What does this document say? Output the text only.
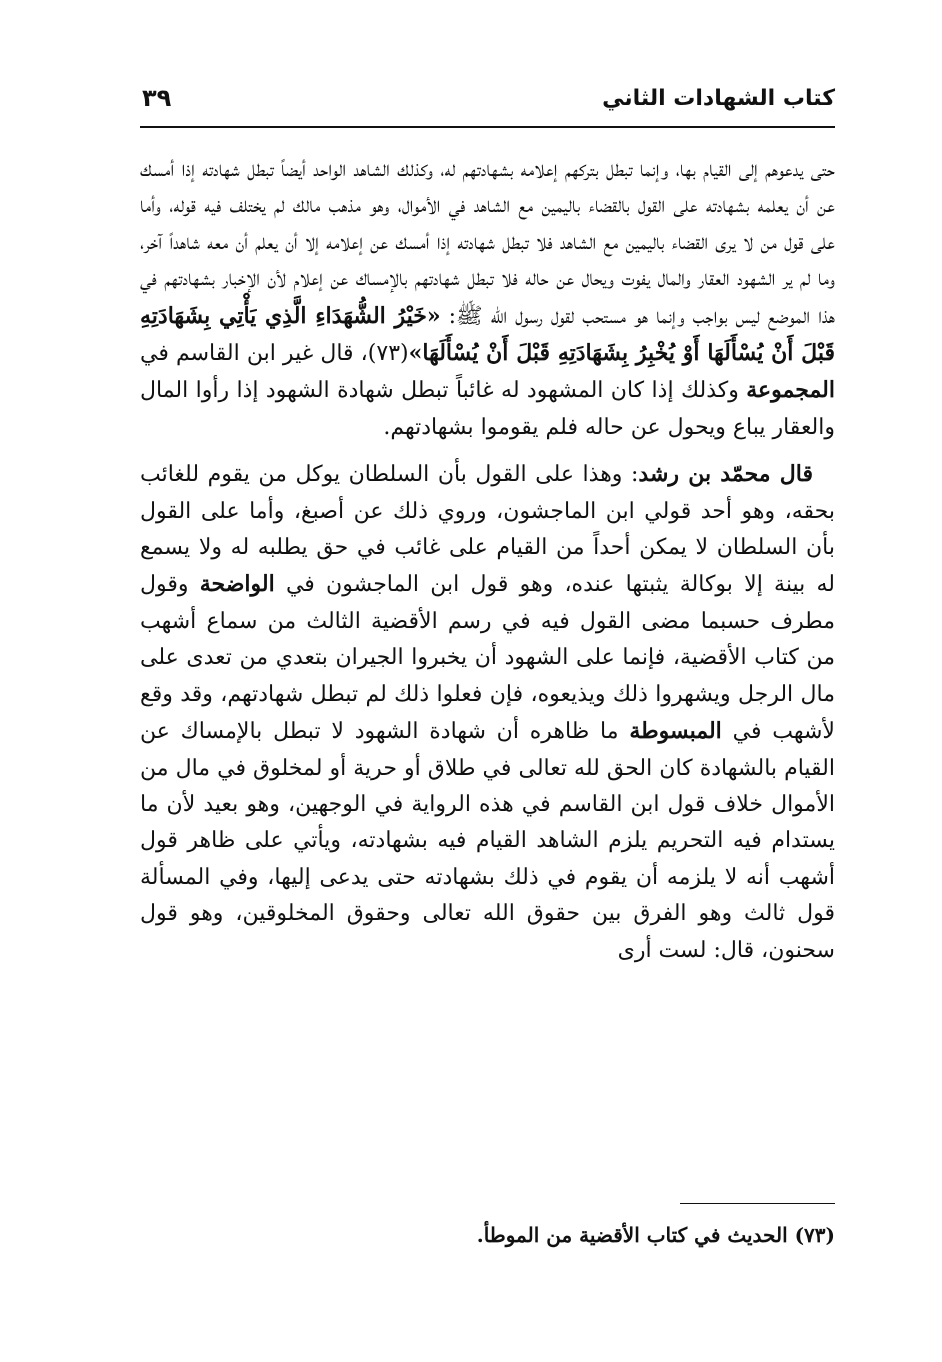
كتاب الشهادات الثاني
٣٩

حتى يدعوهم إلى القيام بها، وإنما تبطل بتركهم إعلامه بشهادتهم له، وكذلك الشاهد الواحد أيضاً تبطل شهادته إذا أمسك عن أن يعلمه بشهادته على القول بالقضاء باليمين مع الشاهد في الأموال، وهو مذهب مالك لم يختلف فيه قوله، وأما على قول من لا يرى القضاء باليمين مع الشاهد فلا تبطل شهادته إذا أمسك عن إعلامه إلا أن يعلم أن معه شاهداً آخر، وما لم ير الشهود العقار والمال يفوت ويحال عن حاله فلا تبطل شهادتهم بالإمساك عن إعلام لأن الإخبار بشهادتهم في هذا الموضع ليس بواجب وإنما هو مستحب لقول رسول الله ﷺ: «خَيْرُ الشُّهَدَاءِ الَّذِي يَأْتِي بِشَهَادَتِهِ قَبْلَ أَنْ يُسْأَلَهَا أَوْ يُخْبِرُ بِشَهَادَتِهِ قَبْلَ أَنْ يُسْأَلَهَا»(٧٣)، قال غير ابن القاسم في المجموعة وكذلك إذا كان المشهود له غائباً تبطل شهادة الشهود إذا رأوا المال والعقار يباع ويحول عن حاله فلم يقوموا بشهادتهم.

قال محمّد بن رشد: وهذا على القول بأن السلطان يوكل من يقوم للغائب بحقه، وهو أحد قولي ابن الماجشون، وروي ذلك عن أصبغ، وأما على القول بأن السلطان لا يمكن أحداً من القيام على غائب في حق يطلبه له ولا يسمع له بينة إلا بوكالة يثبتها عنده، وهو قول ابن الماجشون في الواضحة وقول مطرف حسبما مضى القول فيه في رسم الأقضية الثالث من سماع أشهب من كتاب الأقضية، فإنما على الشهود أن يخبروا الجيران بتعدي من تعدى على مال الرجل ويشهروا ذلك ويذيعوه، فإن فعلوا ذلك لم تبطل شهادتهم، وقد وقع لأشهب في المبسوطة ما ظاهره أن شهادة الشهود لا تبطل بالإمساك عن القيام بالشهادة كان الحق لله تعالى في طلاق أو حرية أو لمخلوق في مال من الأموال خلاف قول ابن القاسم في هذه الرواية في الوجهين، وهو بعيد لأن ما يستدام فيه التحريم يلزم الشاهد القيام فيه بشهادته، ويأتي على ظاهر قول أشهب أنه لا يلزمه أن يقوم في ذلك بشهادته حتى يدعى إليها، وفي المسألة قول ثالث وهو الفرق بين حقوق الله تعالى وحقوق المخلوقين، وهو قول سحنون، قال: لست أرى

(٧٣) الحديث في كتاب الأقضية من الموطأ.
